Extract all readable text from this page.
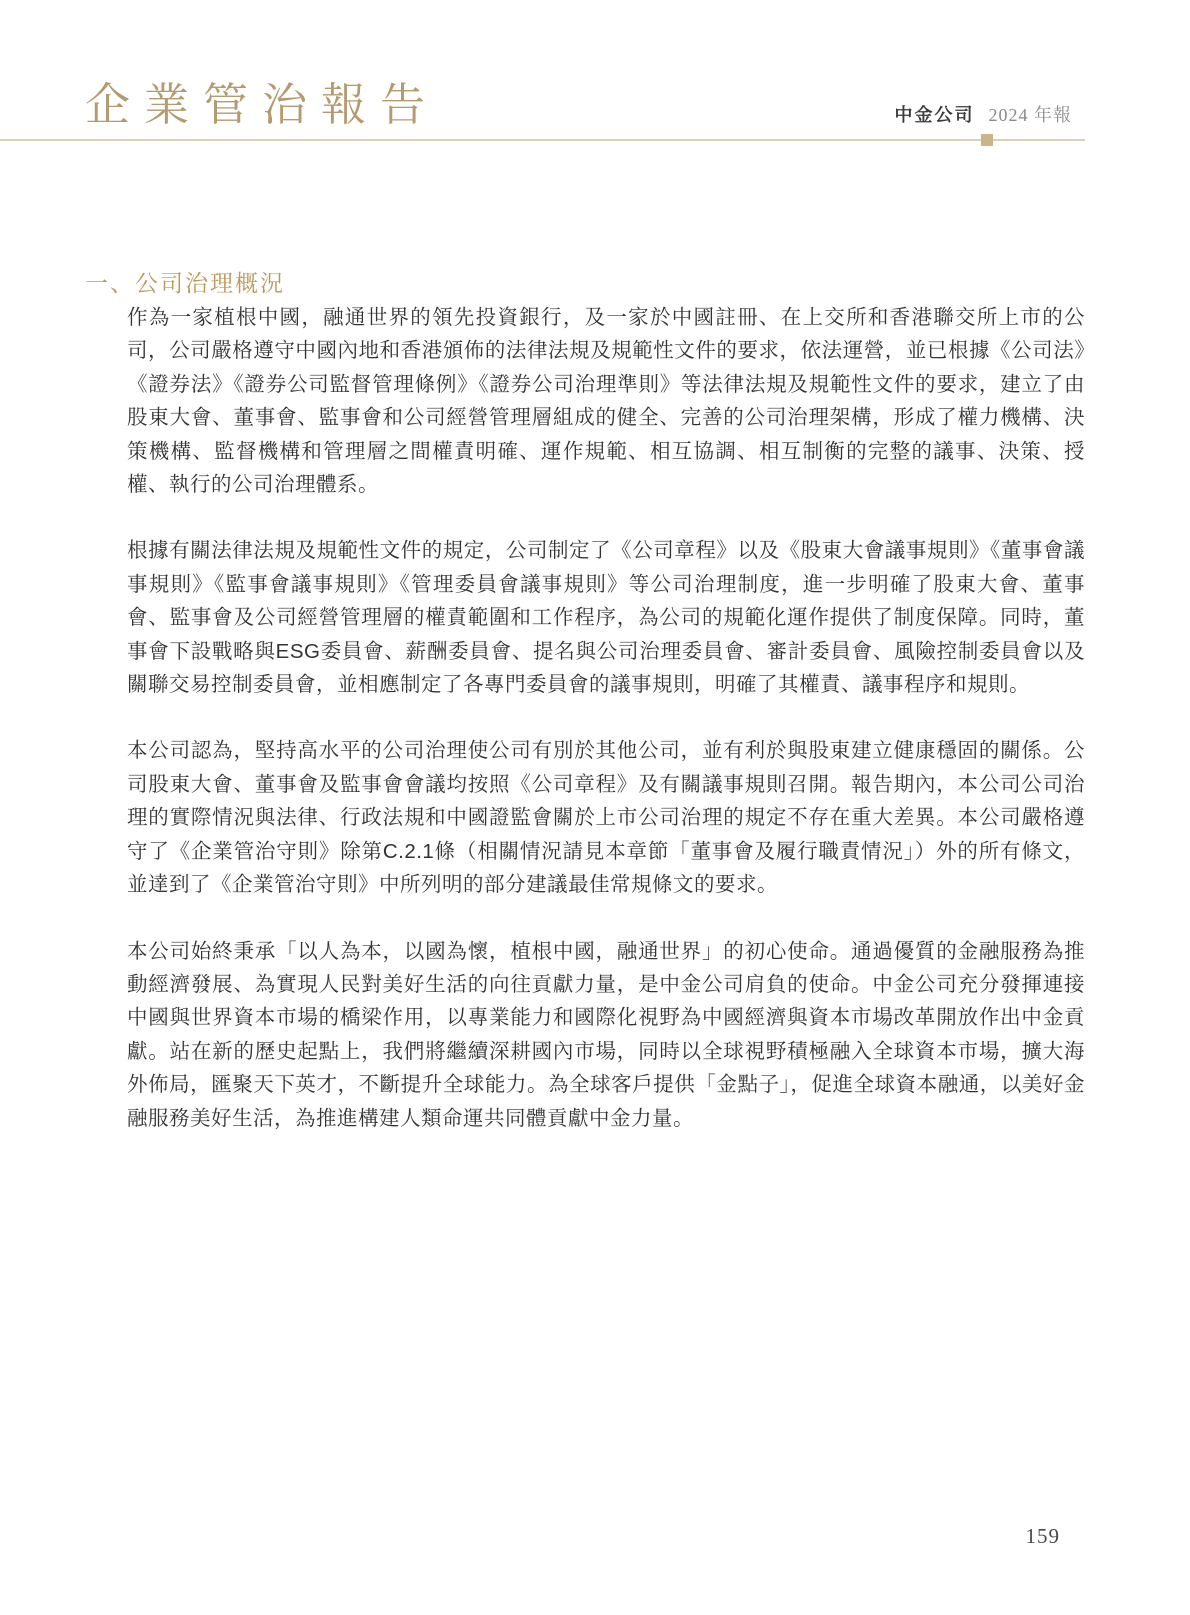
企業管治報告	中金公司 2024 年報
一、公司治理概況

作為一家植根中國，融通世界的領先投資銀行，及一家於中國註冊、在上交所和香港聯交所上市的公司，公司嚴格遵守中國內地和香港頒佈的法律法規及規範性文件的要求，依法運營，並已根據《公司法》《證券法》《證券公司監督管理條例》《證券公司治理準則》等法律法規及規範性文件的要求，建立了由股東大會、董事會、監事會和公司經營管理層組成的健全、完善的公司治理架構，形成了權力機構、決策機構、監督機構和管理層之間權責明確、運作規範、相互協調、相互制衡的完整的議事、決策、授權、執行的公司治理體系。

根據有關法律法規及規範性文件的規定，公司制定了《公司章程》以及《股東大會議事規則》《董事會議事規則》《監事會議事規則》《管理委員會議事規則》等公司治理制度，進一步明確了股東大會、董事會、監事會及公司經營管理層的權責範圍和工作程序，為公司的規範化運作提供了制度保障。同時，董事會下設戰略與ESG委員會、薪酬委員會、提名與公司治理委員會、審計委員會、風險控制委員會以及關聯交易控制委員會，並相應制定了各專門委員會的議事規則，明確了其權責、議事程序和規則。

本公司認為，堅持高水平的公司治理使公司有別於其他公司，並有利於與股東建立健康穩固的關係。公司股東大會、董事會及監事會會議均按照《公司章程》及有關議事規則召開。報告期內，本公司公司治理的實際情況與法律、行政法規和中國證監會關於上市公司治理的規定不存在重大差異。本公司嚴格遵守了《企業管治守則》除第C.2.1條（相關情況請見本章節「董事會及履行職責情況」）外的所有條文，並達到了《企業管治守則》中所列明的部分建議最佳常規條文的要求。

本公司始終秉承「以人為本，以國為懷，植根中國，融通世界」的初心使命。通過優質的金融服務為推動經濟發展、為實現人民對美好生活的向往貢獻力量，是中金公司肩負的使命。中金公司充分發揮連接中國與世界資本市場的橋梁作用，以專業能力和國際化視野為中國經濟與資本市場改革開放作出中金貢獻。站在新的歷史起點上，我們將繼續深耕國內市場，同時以全球視野積極融入全球資本市場，擴大海外佈局，匯聚天下英才，不斷提升全球能力。為全球客戶提供「金點子」，促進全球資本融通，以美好金融服務美好生活，為推進構建人類命運共同體貢獻中金力量。

159
